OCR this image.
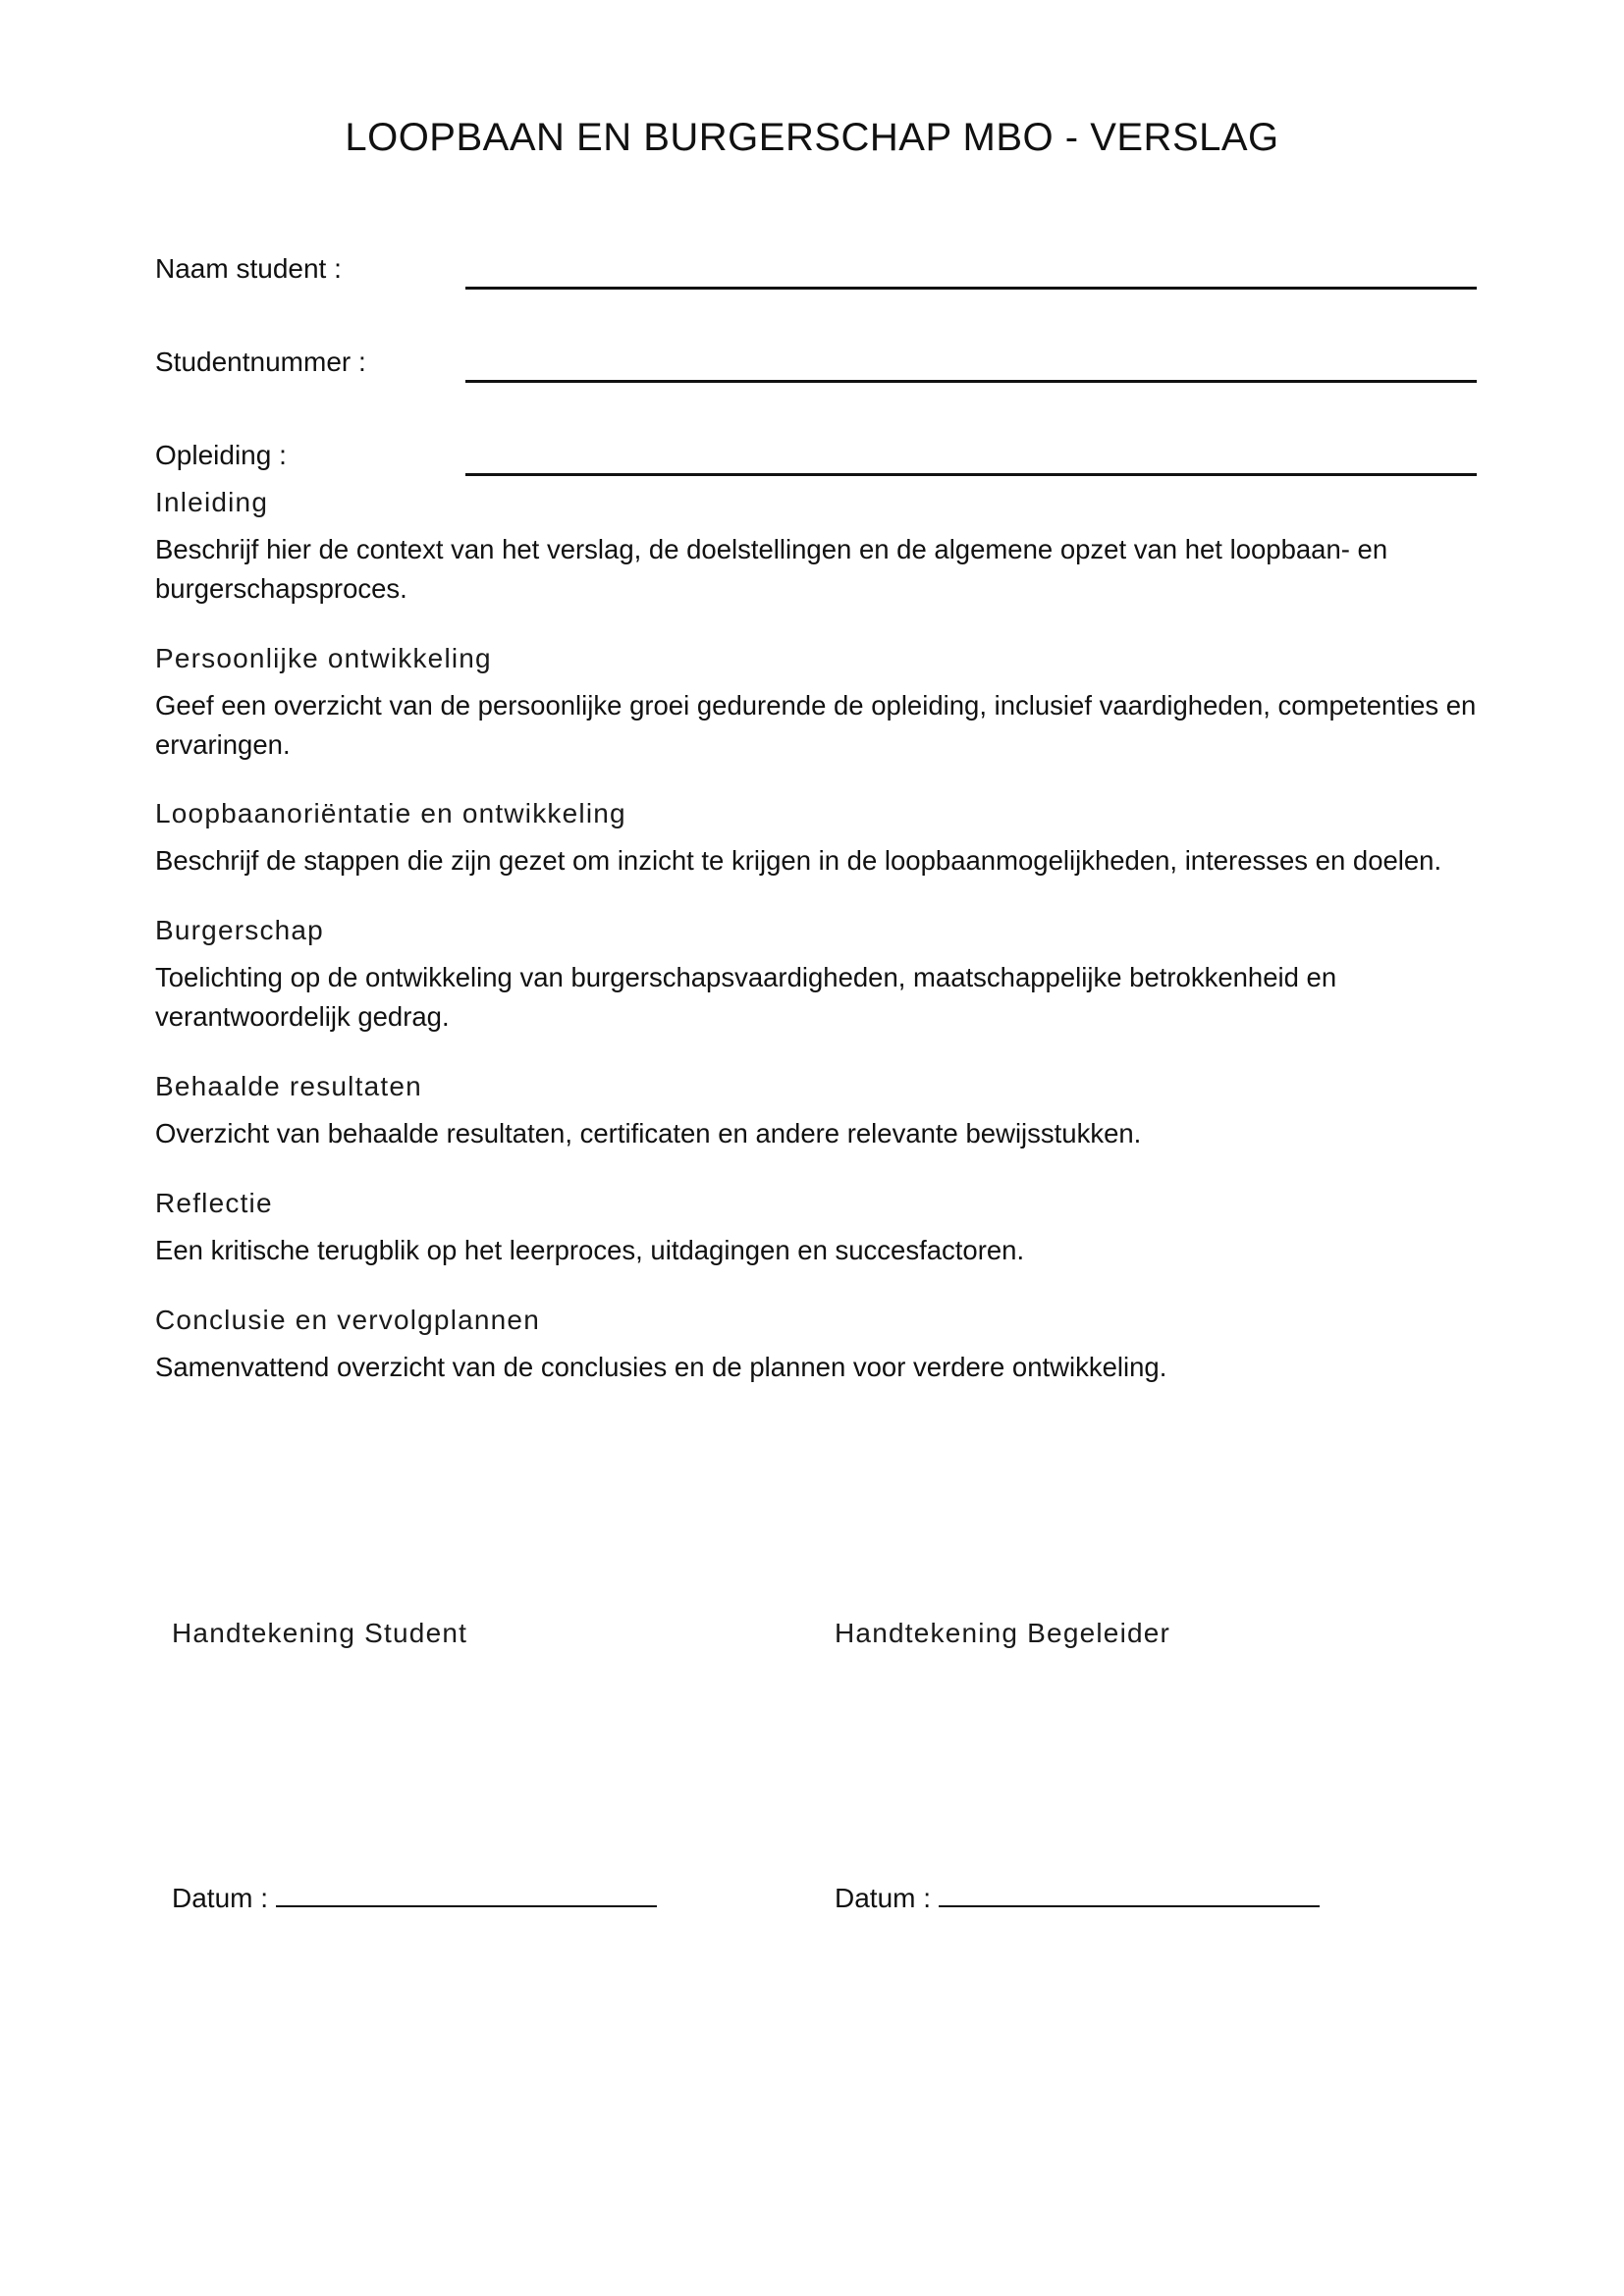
LOOPBAAN EN BURGERSCHAP MBO - VERSLAG
Naam student :
Studentnummer :
Opleiding :
Inleiding

Beschrijf hier de context van het verslag, de doelstellingen en de algemene opzet van het loopbaan- en burgerschapsproces.

Persoonlijke ontwikkeling

Geef een overzicht van de persoonlijke groei gedurende de opleiding, inclusief vaardigheden, competenties en ervaringen.

Loopbaanoriëntatie en ontwikkeling

Beschrijf de stappen die zijn gezet om inzicht te krijgen in de loopbaanmogelijkheden, interesses en doelen.

Burgerschap

Toelichting op de ontwikkeling van burgerschapsvaardigheden, maatschappelijke betrokkenheid en verantwoordelijk gedrag.

Behaalde resultaten

Overzicht van behaalde resultaten, certificaten en andere relevante bewijsstukken.

Reflectie

Een kritische terugblik op het leerproces, uitdagingen en succesfactoren.

Conclusie en vervolgplannen

Samenvattend overzicht van de conclusies en de plannen voor verdere ontwikkeling.

Handtekening Student	Handtekening Begeleider
Datum :	Datum :
